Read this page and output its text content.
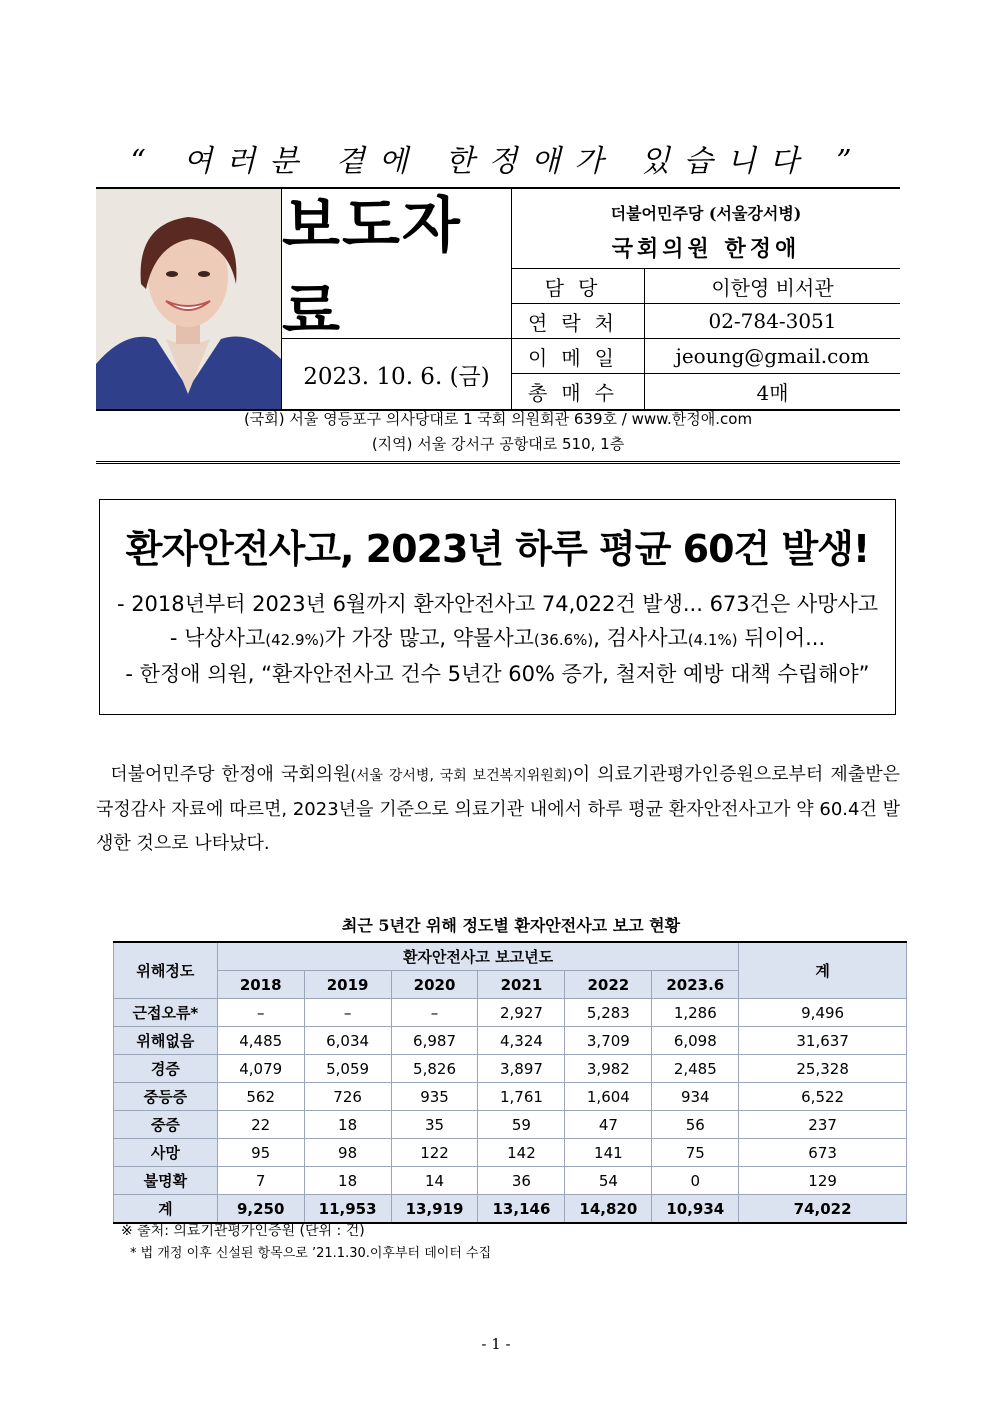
“ 여러분 곁에 한정애가 있습니다 ”
보도자료
2023. 10. 6. (금)
더불어민주당 (서울강서병)
국회의원 한정애
담당	이한영 비서관
연락처	02-784-3051
이메일	jeoung@gmail.com
총매수	4매
(국회) 서울 영등포구 의사당대로 1 국회 의원회관 639호 / www.한정애.com
(지역) 서울 강서구 공항대로 510, 1층
환자안전사고, 2023년 하루 평균 60건 발생!
- 2018년부터 2023년 6월까지 환자안전사고 74,022건 발생... 673건은 사망사고
- 낙상사고(42.9%)가 가장 많고, 약물사고(36.6%), 검사사고(4.1%) 뒤이어...
- 한정애 의원, “환자안전사고 건수 5년간 60% 증가, 철저한 예방 대책 수립해야”
더불어민주당 한정애 국회의원(서울 강서병, 국회 보건복지위원회)이 의료기관평가인증원으로부터 제출받은 국정감사 자료에 따르면, 2023년을 기준으로 의료기관 내에서 하루 평균 환자안전사고가 약 60.4건 발생한 것으로 나타났다.
최근 5년간 위해 정도별 환자안전사고 보고 현황
위해정도	환자안전사고 보고년도						계
	2018	2019	2020	2021	2022	2023.6	
근접오류*	–	–	–	2,927	5,283	1,286	9,496
위해없음	4,485	6,034	6,987	4,324	3,709	6,098	31,637
경증	4,079	5,059	5,826	3,897	3,982	2,485	25,328
중등증	562	726	935	1,761	1,604	934	6,522
중증	22	18	35	59	47	56	237
사망	95	98	122	142	141	75	673
불명확	7	18	14	36	54	0	129
계	9,250	11,953	13,919	13,146	14,820	10,934	74,022
※ 출처: 의료기관평가인증원 (단위 : 건)
* 법 개정 이후 신설된 항목으로 ’21.1.30.이후부터 데이터 수집
- 1 -
